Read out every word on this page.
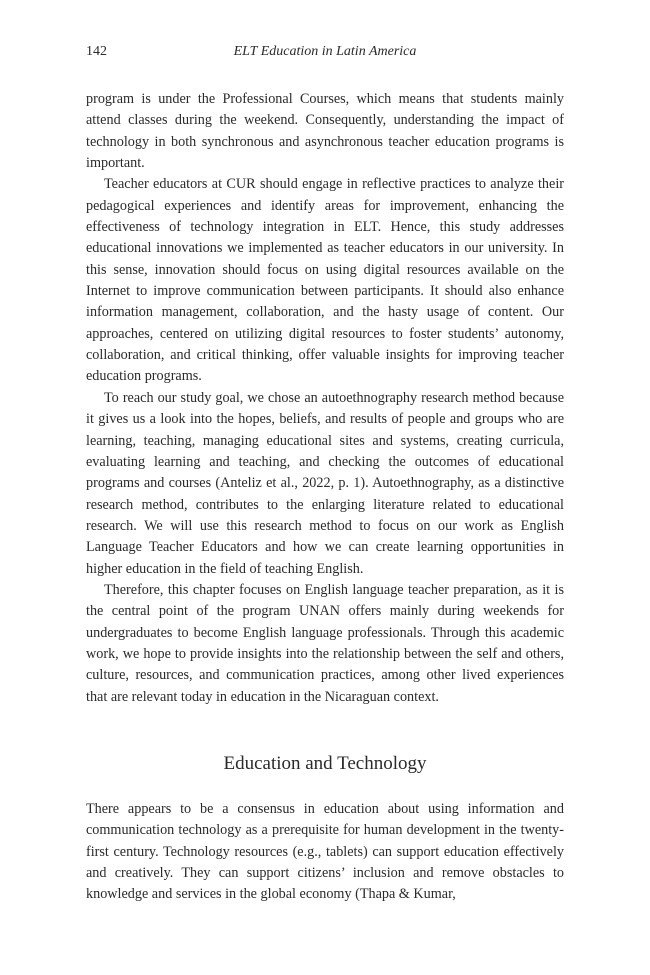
142	ELT Education in Latin America

program is under the Professional Courses, which means that students mainly attend classes during the weekend. Consequently, understanding the impact of technology in both synchronous and asynchronous teacher education programs is important.

Teacher educators at CUR should engage in reflective practices to analyze their pedagogical experiences and identify areas for improvement, enhancing the effectiveness of technology integration in ELT. Hence, this study addresses educational innovations we implemented as teacher educators in our university. In this sense, innovation should focus on using digital resources available on the Internet to improve communication between participants. It should also enhance information management, collaboration, and the hasty usage of content. Our approaches, centered on utilizing digital resources to foster students’ autonomy, collaboration, and critical thinking, offer valuable insights for improving teacher education programs.

To reach our study goal, we chose an autoethnography research method because it gives us a look into the hopes, beliefs, and results of people and groups who are learning, teaching, managing educational sites and systems, creating curricula, evaluating learning and teaching, and checking the outcomes of educational programs and courses (Anteliz et al., 2022, p. 1). Autoethnography, as a distinctive research method, contributes to the enlarging literature related to educational research. We will use this research method to focus on our work as English Language Teacher Educators and how we can create learning opportunities in higher education in the field of teaching English.

Therefore, this chapter focuses on English language teacher preparation, as it is the central point of the program UNAN offers mainly during weekends for undergraduates to become English language professionals. Through this academic work, we hope to provide insights into the relationship between the self and others, culture, resources, and communication practices, among other lived experiences that are relevant today in education in the Nicaraguan context.

Education and Technology

There appears to be a consensus in education about using information and communication technology as a prerequisite for human development in the twenty-first century. Technology resources (e.g., tablets) can support education effectively and creatively. They can support citizens’ inclusion and remove obstacles to knowledge and services in the global economy (Thapa & Kumar,
